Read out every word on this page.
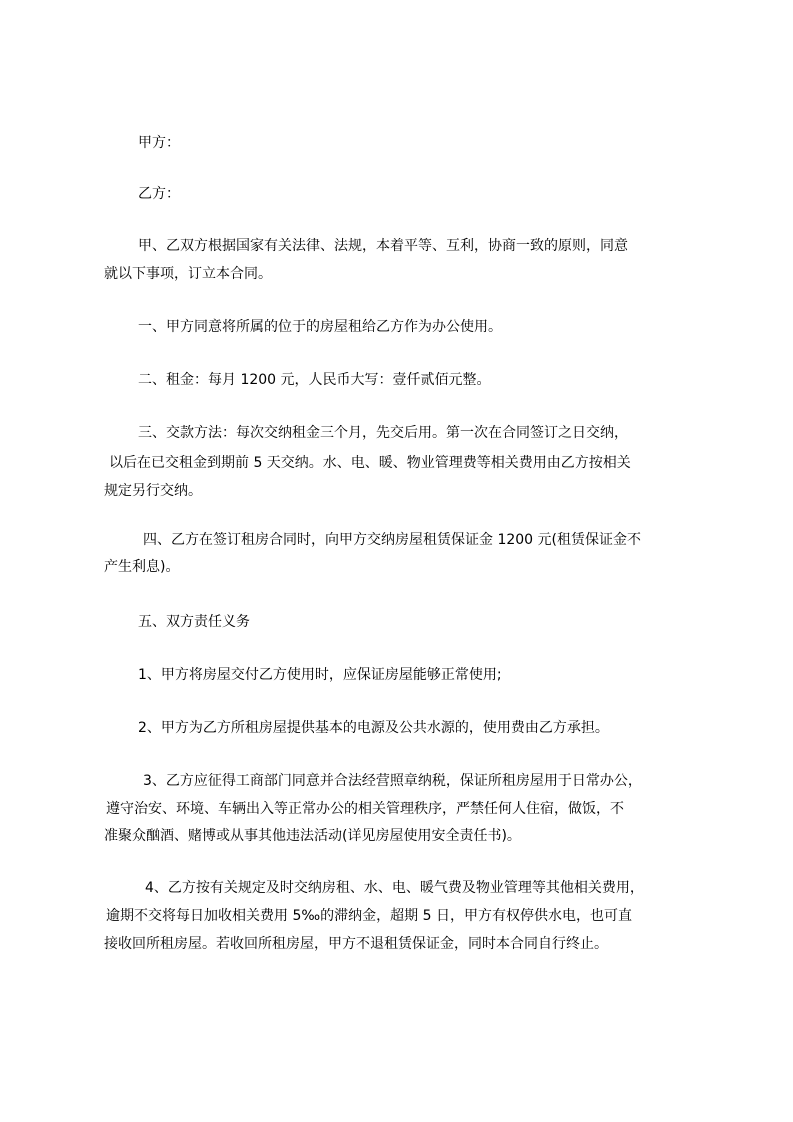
甲方：
乙方：
甲、乙双方根据国家有关法律、法规，本着平等、互利，协商一致的原则，同意
就以下事项，订立本合同。
一、甲方同意将所属的位于的房屋租给乙方作为办公使用。
二、租金：每月 1200 元，人民币大写：壹仟贰佰元整。
三、交款方法：每次交纳租金三个月，先交后用。第一次在合同签订之日交纳，
以后在已交租金到期前 5 天交纳。水、电、暖、物业管理费等相关费用由乙方按相关
规定另行交纳。
四、乙方在签订租房合同时，向甲方交纳房屋租赁保证金 1200 元(租赁保证金不
产生利息)。
五、双方责任义务
1、甲方将房屋交付乙方使用时，应保证房屋能够正常使用;
2、甲方为乙方所租房屋提供基本的电源及公共水源的，使用费由乙方承担。
3、乙方应征得工商部门同意并合法经营照章纳税，保证所租房屋用于日常办公，
遵守治安、环境、车辆出入等正常办公的相关管理秩序，严禁任何人住宿，做饭，不
准聚众酗酒、赌博或从事其他违法活动(详见房屋使用安全责任书)。
4、乙方按有关规定及时交纳房租、水、电、暖气费及物业管理等其他相关费用，
逾期不交将每日加收相关费用 5‰的滞纳金，超期 5 日，甲方有权停供水电，也可直
接收回所租房屋。若收回所租房屋，甲方不退租赁保证金，同时本合同自行终止。
